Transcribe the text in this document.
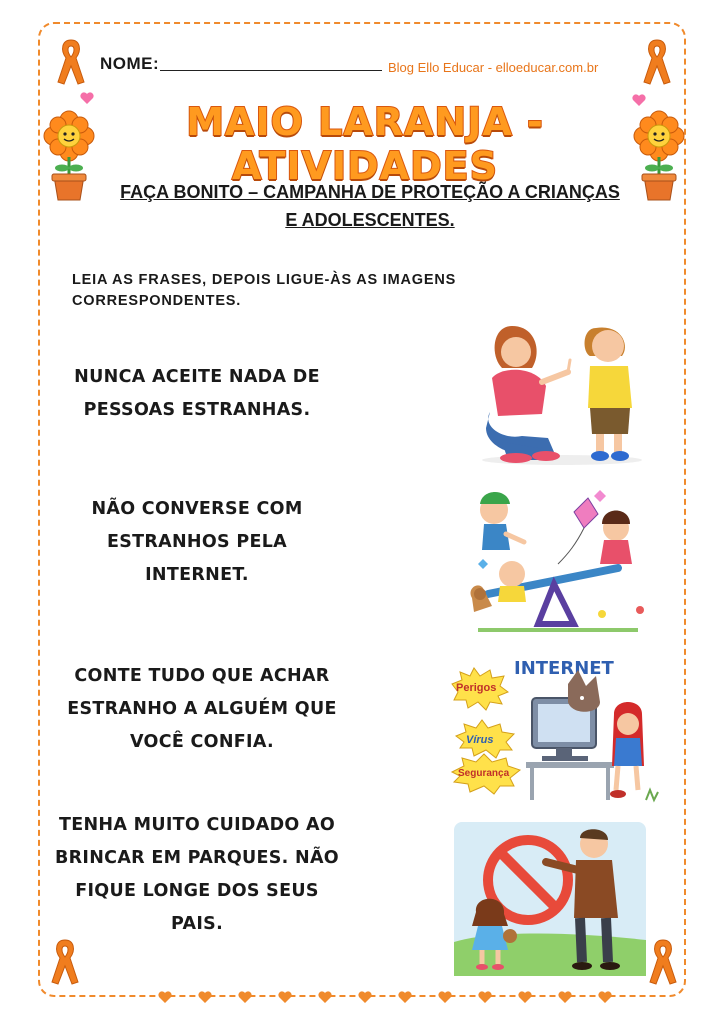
NOME:	Blog Ello Educar - elloeducar.com.br
MAIO LARANJA - ATIVIDADES
FAÇA BONITO – CAMPANHA DE PROTEÇÃO A CRIANÇAS
E ADOLESCENTES.
LEIA AS FRASES, DEPOIS LIGUE-ÀS AS IMAGENS
CORRESPONDENTES.
NUNCA ACEITE NADA DE
PESSOAS ESTRANHAS.
NÃO CONVERSE COM
ESTRANHOS PELA
INTERNET.
CONTE TUDO QUE ACHAR
ESTRANHO A ALGUÉM QUE
VOCÊ CONFIA.
TENHA MUITO CUIDADO AO
BRINCAR EM PARQUES. NÃO
FIQUE LONGE DOS SEUS
PAIS.
INTERNET
Perigos
Vírus
Segurança
